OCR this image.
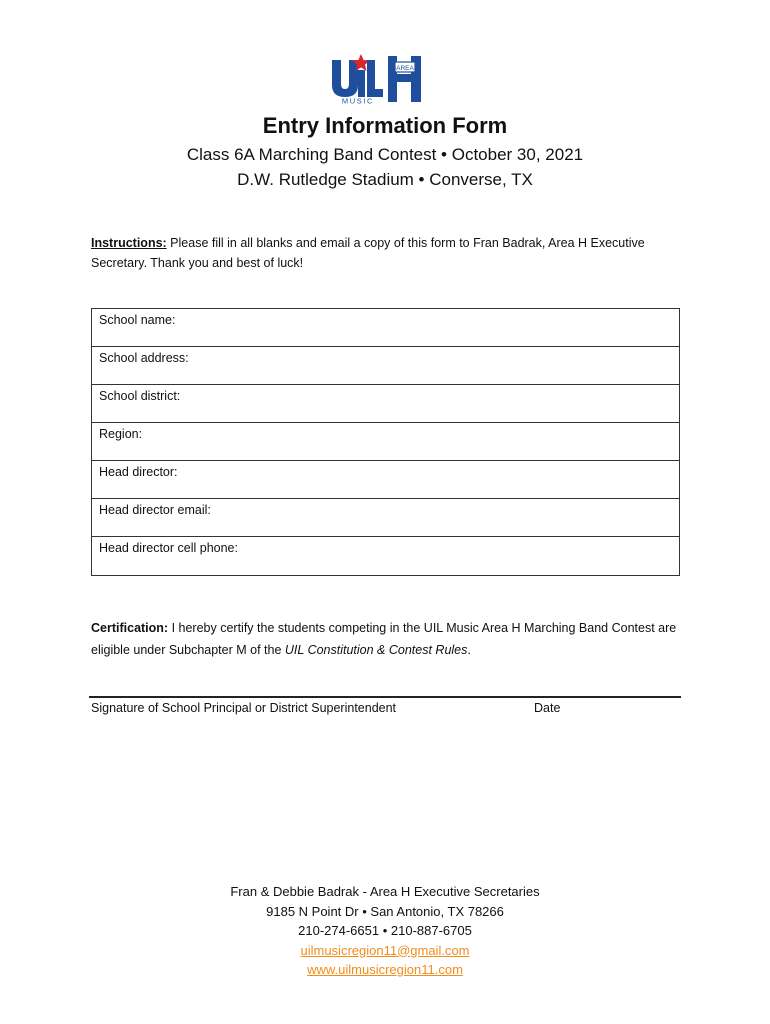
AREA
MUSIC
Entry Information Form
Class 6A Marching Band Contest • October 30, 2021
D.W. Rutledge Stadium • Converse, TX
Instructions: Please fill in all blanks and email a copy of this form to Fran Badrak, Area H Executive Secretary. Thank you and best of luck!
School name:
School address:
School district:
Region:
Head director:
Head director email:
Head director cell phone:
Certification: I hereby certify the students competing in the UIL Music Area H Marching Band Contest are eligible under Subchapter M of the UIL Constitution & Contest Rules.
Signature of School Principal or District Superintendent	Date
Fran & Debbie Badrak - Area H Executive Secretaries
9185 N Point Dr • San Antonio, TX 78266
210-274-6651 • 210-887-6705
uilmusicregion11@gmail.com
www.uilmusicregion11.com
